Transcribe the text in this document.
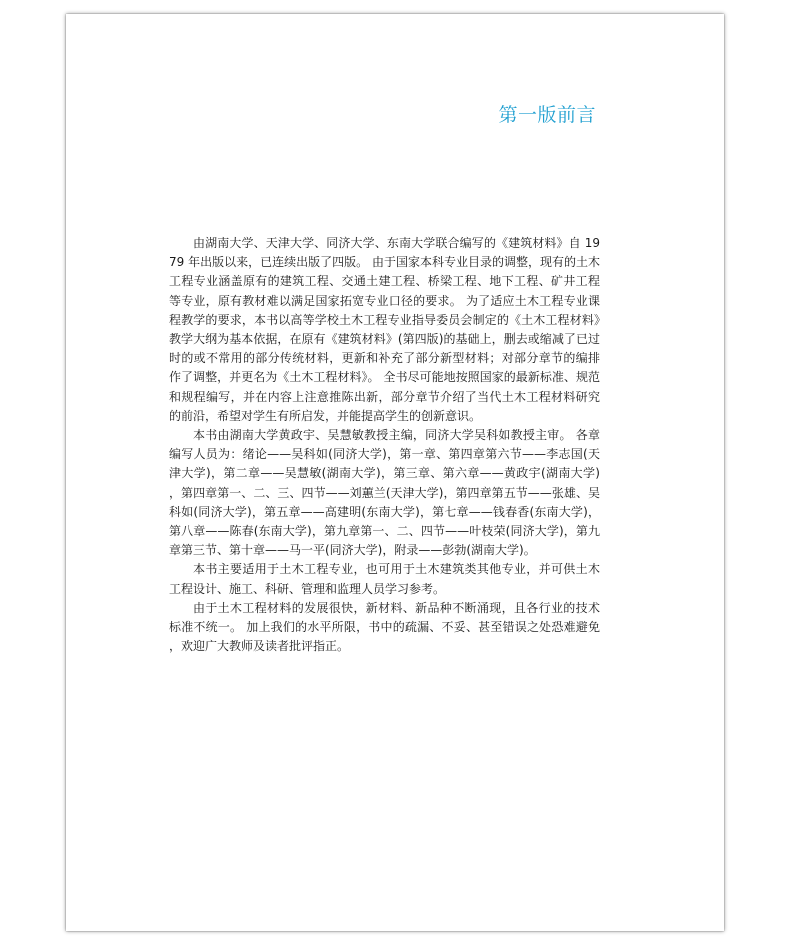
第一版前言

由湖南大学、天津大学、同济大学、东南大学联合编写的《建筑材料》自 1979 年出版以来，已连续出版了四版。 由于国家本科专业目录的调整，现有的土木工程专业涵盖原有的建筑工程、交通土建工程、桥梁工程、地下工程、矿井工程等专业，原有教材难以满足国家拓宽专业口径的要求。 为了适应土木工程专业课程教学的要求，本书以高等学校土木工程专业指导委员会制定的《土木工程材料》教学大纲为基本依据，在原有《建筑材料》(第四版)的基础上，删去或缩减了已过时的或不常用的部分传统材料，更新和补充了部分新型材料；对部分章节的编排作了调整，并更名为《土木工程材料》。 全书尽可能地按照国家的最新标准、规范和规程编写，并在内容上注意推陈出新，部分章节介绍了当代土木工程材料研究的前沿，希望对学生有所启发，并能提高学生的创新意识。

本书由湖南大学黄政宇、吴慧敏教授主编，同济大学吴科如教授主审。 各章编写人员为：绪论——吴科如(同济大学)，第一章、第四章第六节——李志国(天津大学)，第二章——吴慧敏(湖南大学)，第三章、第六章——黄政宇(湖南大学)，第四章第一、二、三、四节——刘蕙兰(天津大学)，第四章第五节——张雄、吴科如(同济大学)，第五章——高建明(东南大学)，第七章——钱春香(东南大学)，第八章——陈春(东南大学)，第九章第一、二、四节——叶枝荣(同济大学)，第九章第三节、第十章——马一平(同济大学)，附录——彭勃(湖南大学)。

本书主要适用于土木工程专业，也可用于土木建筑类其他专业，并可供土木工程设计、施工、科研、管理和监理人员学习参考。

由于土木工程材料的发展很快，新材料、新品种不断涌现，且各行业的技术标准不统一。 加上我们的水平所限，书中的疏漏、不妥、甚至错误之处恐难避免，欢迎广大教师及读者批评指正。
